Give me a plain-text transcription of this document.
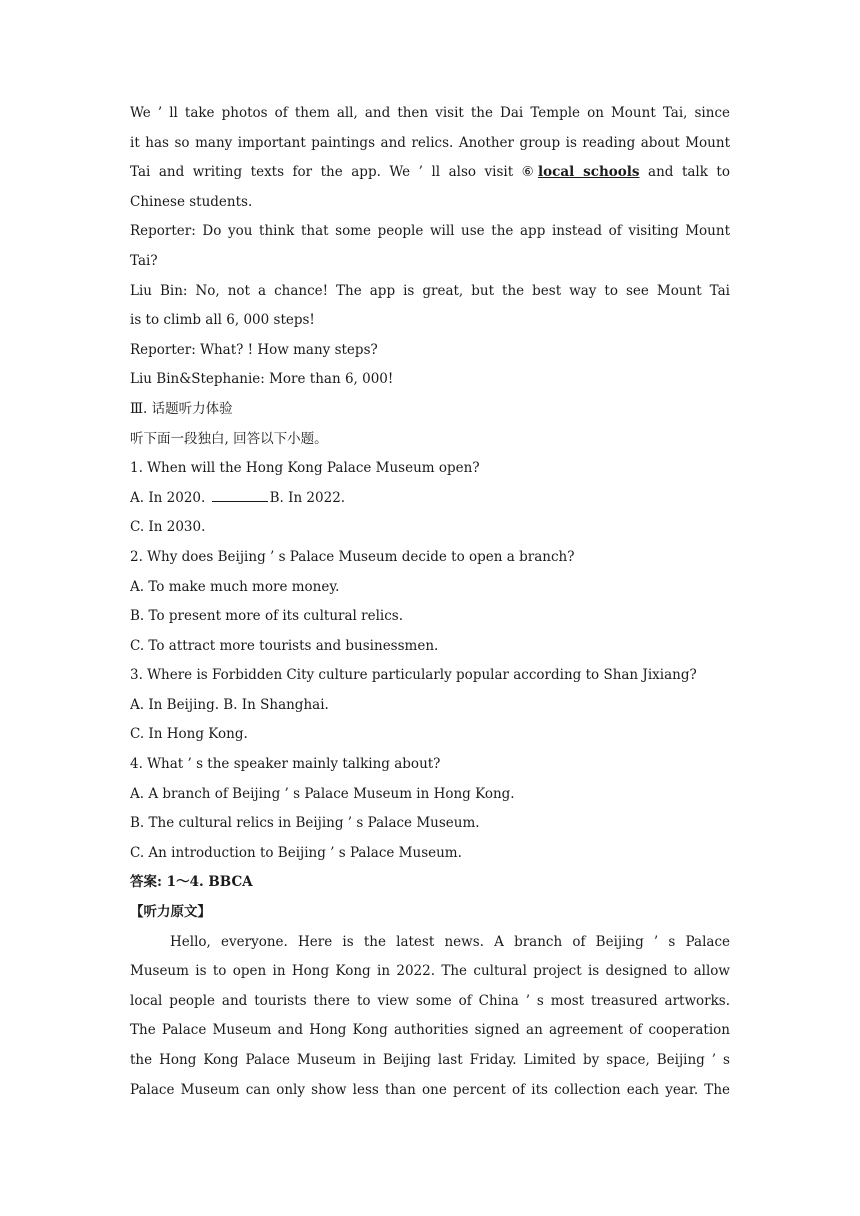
We ’ ll take photos of them all, and then visit the Dai Temple on Mount Tai, since
it has so many important paintings and relics. Another group is reading about Mount
Tai and writing texts for the app. We ’ ll also visit ⑥local schools and talk to
Chinese students.
Reporter: Do you think that some people will use the app instead of visiting Mount
Tai?
Liu Bin: No, not a chance! The app is great, but the best way to see Mount Tai
is to climb all 6, 000 steps!
Reporter: What? ! How many steps?
Liu Bin&Stephanie: More than 6, 000!
Ⅲ. 话题听力体验
听下面一段独白, 回答以下小题。
1. When will the Hong Kong Palace Museum open?
A. In 2020.	B. In 2022.
C. In 2030.
2. Why does Beijing ’ s Palace Museum decide to open a branch?
A. To make much more money.
B. To present more of its cultural relics.
C. To attract more tourists and businessmen.
3. Where is Forbidden City culture particularly popular according to Shan Jixiang?
A. In Beijing. B. In Shanghai.
C. In Hong Kong.
4. What ’ s the speaker mainly talking about?
A. A branch of Beijing ’ s Palace Museum in Hong Kong.
B. The cultural relics in Beijing ’ s Palace Museum.
C. An introduction to Beijing ’ s Palace Museum.
答案: 1～4. BBCA
【听力原文】
Hello, everyone. Here is the latest news. A branch of Beijing ’ s Palace
Museum is to open in Hong Kong in 2022. The cultural project is designed to allow
local people and tourists there to view some of China ’ s most treasured artworks.
The Palace Museum and Hong Kong authorities signed an agreement of cooperation
the Hong Kong Palace Museum in Beijing last Friday. Limited by space, Beijing ’ s
Palace Museum can only show less than one percent of its collection each year. The
